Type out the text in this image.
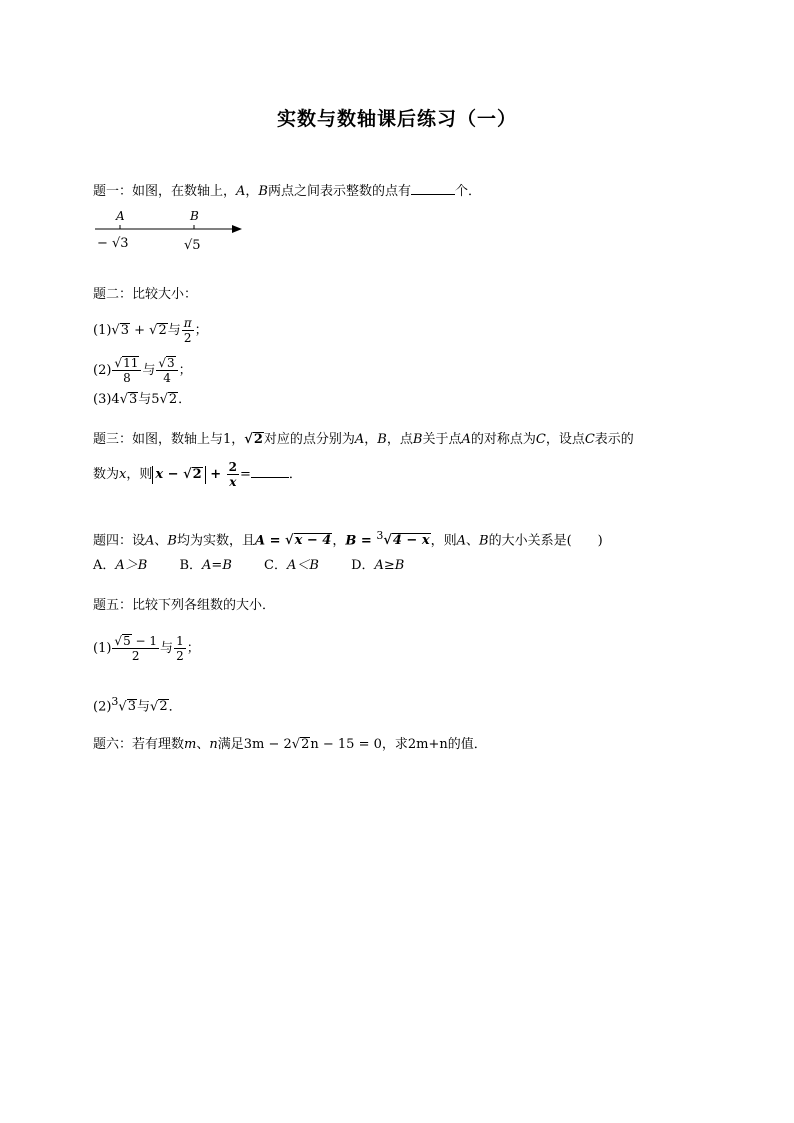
实数与数轴课后练习（一）
题一：如图，在数轴上，A，B两点之间表示整数的点有	个．
A	B
− √3	√5
题二：比较大小：
(1)√3 + √2与 $\frac{\pi}{2}$ ；
$(2) \frac{√11}{8}$ 与 $\frac{√3}{4}$ ；
(3)4√3与5√2．
题三：如图，数轴上与1，√2对应的点分别为A，B，点B关于点A的对称点为C，设点C表示的
数为x，则 $x - √2 + \frac{2}{x}$ =	．
题四：设A、B均为实数，且A = √x − 4，B = $^3$√4 − x，则A、B的大小关系是(　　)
A．A＞B B．A=B C．A＜B D．A≥B
题五：比较下列各组数的大小．
$(1) \frac{√5 - 1}{2}$ 与 $\frac{1}{2}$ ；
$(2)^3√3$与√2．
题六：若有理数m、n满足3m − 2√2n − 15 = 0，求2m+n的值．
